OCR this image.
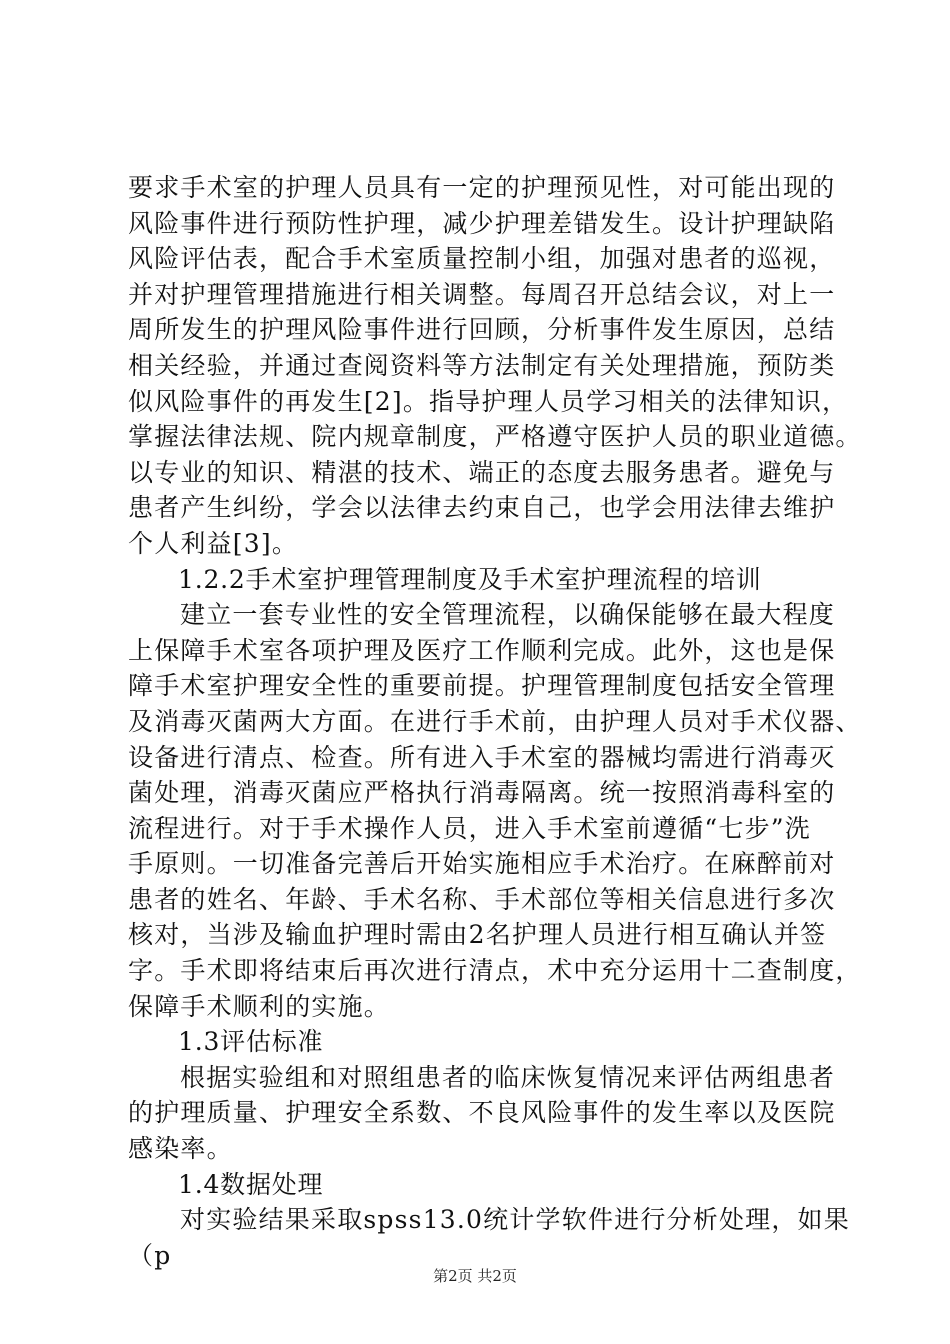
要求手术室的护理人员具有一定的护理预见性，对可能出现的
风险事件进行预防性护理，减少护理差错发生。设计护理缺陷
风险评估表，配合手术室质量控制小组，加强对患者的巡视，
并对护理管理措施进行相关调整。每周召开总结会议，对上一
周所发生的护理风险事件进行回顾，分析事件发生原因，总结
相关经验，并通过查阅资料等方法制定有关处理措施，预防类
似风险事件的再发生[2]。指导护理人员学习相关的法律知识，
掌握法律法规、院内规章制度，严格遵守医护人员的职业道德。
以专业的知识、精湛的技术、端正的态度去服务患者。避免与
患者产生纠纷，学会以法律去约束自己，也学会用法律去维护
个人利益[3]。
1.2.2手术室护理管理制度及手术室护理流程的培训
建立一套专业性的安全管理流程，以确保能够在最大程度
上保障手术室各项护理及医疗工作顺利完成。此外，这也是保
障手术室护理安全性的重要前提。护理管理制度包括安全管理
及消毒灭菌两大方面。在进行手术前，由护理人员对手术仪器、
设备进行清点、检查。所有进入手术室的器械均需进行消毒灭
菌处理，消毒灭菌应严格执行消毒隔离。统一按照消毒科室的
流程进行。对于手术操作人员，进入手术室前遵循“七步”洗
手原则。一切准备完善后开始实施相应手术治疗。在麻醉前对
患者的姓名、年龄、手术名称、手术部位等相关信息进行多次
核对，当涉及输血护理时需由2名护理人员进行相互确认并签
字。手术即将结束后再次进行清点，术中充分运用十二查制度，
保障手术顺利的实施。
1.3评估标准
根据实验组和对照组患者的临床恢复情况来评估两组患者
的护理质量、护理安全系数、不良风险事件的发生率以及医院
感染率。
1.4数据处理
对实验结果采取spss13.0统计学软件进行分析处理，如果
（p
第2页 共2页
